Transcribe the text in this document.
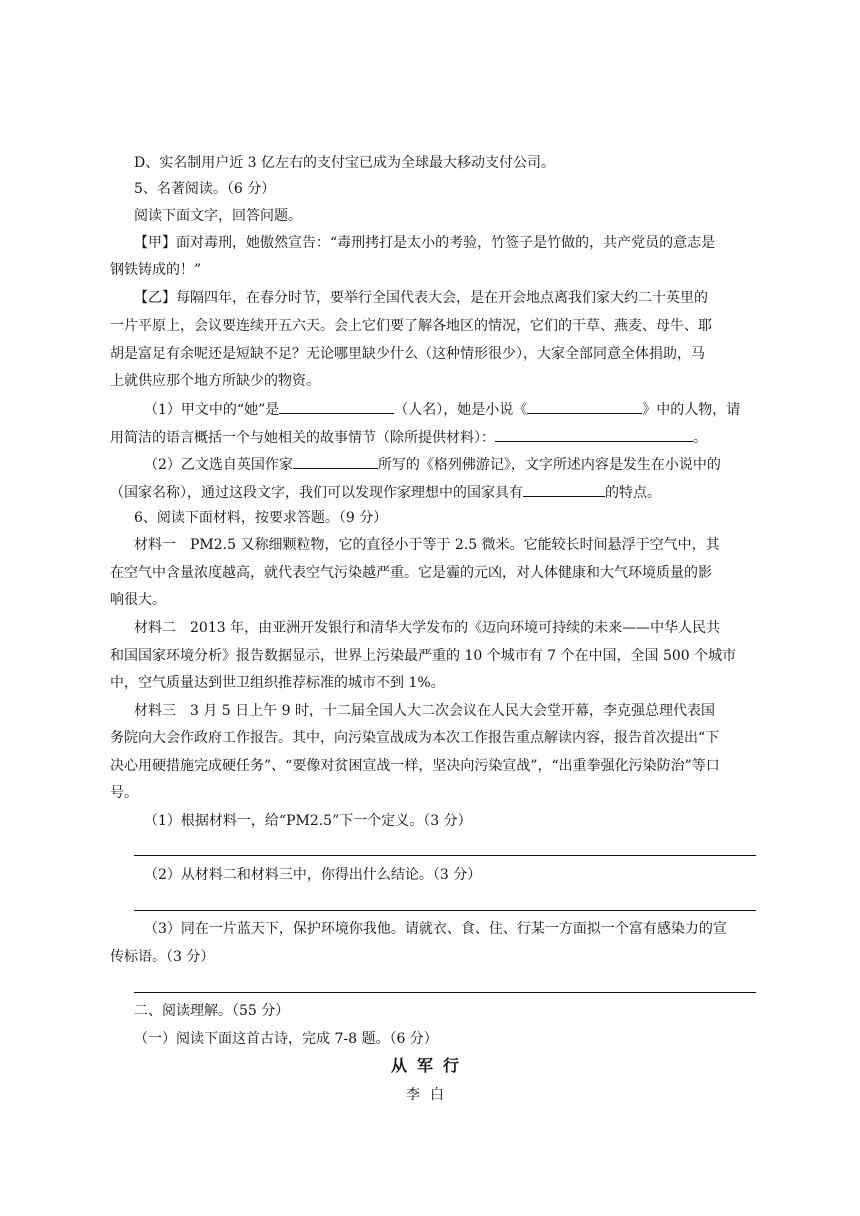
D、实名制用户近 3 亿左右的支付宝已成为全球最大移动支付公司。
5、名著阅读。（6 分）
阅读下面文字，回答问题。
【甲】面对毒刑，她傲然宣告：“毒刑拷打是太小的考验，竹签子是竹做的，共产党员的意志是
钢铁铸成的！”
【乙】每隔四年，在春分时节，要举行全国代表大会，是在开会地点离我们家大约二十英里的
一片平原上，会议要连续开五六天。会上它们要了解各地区的情况，它们的干草、燕麦、母牛、耶
胡是富足有余呢还是短缺不足？无论哪里缺少什么（这种情形很少），大家全部同意全体捐助，马
上就供应那个地方所缺少的物资。
（1）甲文中的“她”是	（人名），她是小说《	》中的人物，请
用简洁的语言概括一个与她相关的故事情节（除所提供材料）：	。
（2）乙文选自英国作家	所写的《格列佛游记》，文字所述内容是发生在小说中的
（国家名称），通过这段文字，我们可以发现作家理想中的国家具有	的特点。
6、阅读下面材料，按要求答题。（9 分）
材料一　PM2.5 又称细颗粒物，它的直径小于等于 2.5 微米。它能较长时间悬浮于空气中，其
在空气中含量浓度越高，就代表空气污染越严重。它是霾的元凶，对人体健康和大气环境质量的影
响很大。
材料二　2013 年，由亚洲开发银行和清华大学发布的《迈向环境可持续的未来——中华人民共
和国国家环境分析》报告数据显示，世界上污染最严重的 10 个城市有 7 个在中国，全国 500 个城市
中，空气质量达到世卫组织推荐标准的城市不到 1%。
材料三　3 月 5 日上午 9 时，十二届全国人大二次会议在人民大会堂开幕，李克强总理代表国
务院向大会作政府工作报告。其中，向污染宣战成为本次工作报告重点解读内容，报告首次提出“下
决心用硬措施完成硬任务”、“要像对贫困宣战一样，坚决向污染宣战”，“出重拳强化污染防治”等口
号。
（1）根据材料一，给“PM2.5”下一个定义。（3 分）
（2）从材料二和材料三中，你得出什么结论。（3 分）
（3）同在一片蓝天下，保护环境你我他。请就衣、食、住、行某一方面拟一个富有感染力的宣
传标语。（3 分）
二、阅读理解。（55 分）
（一）阅读下面这首古诗，完成 7-8 题。（6 分）
从军行
李白
